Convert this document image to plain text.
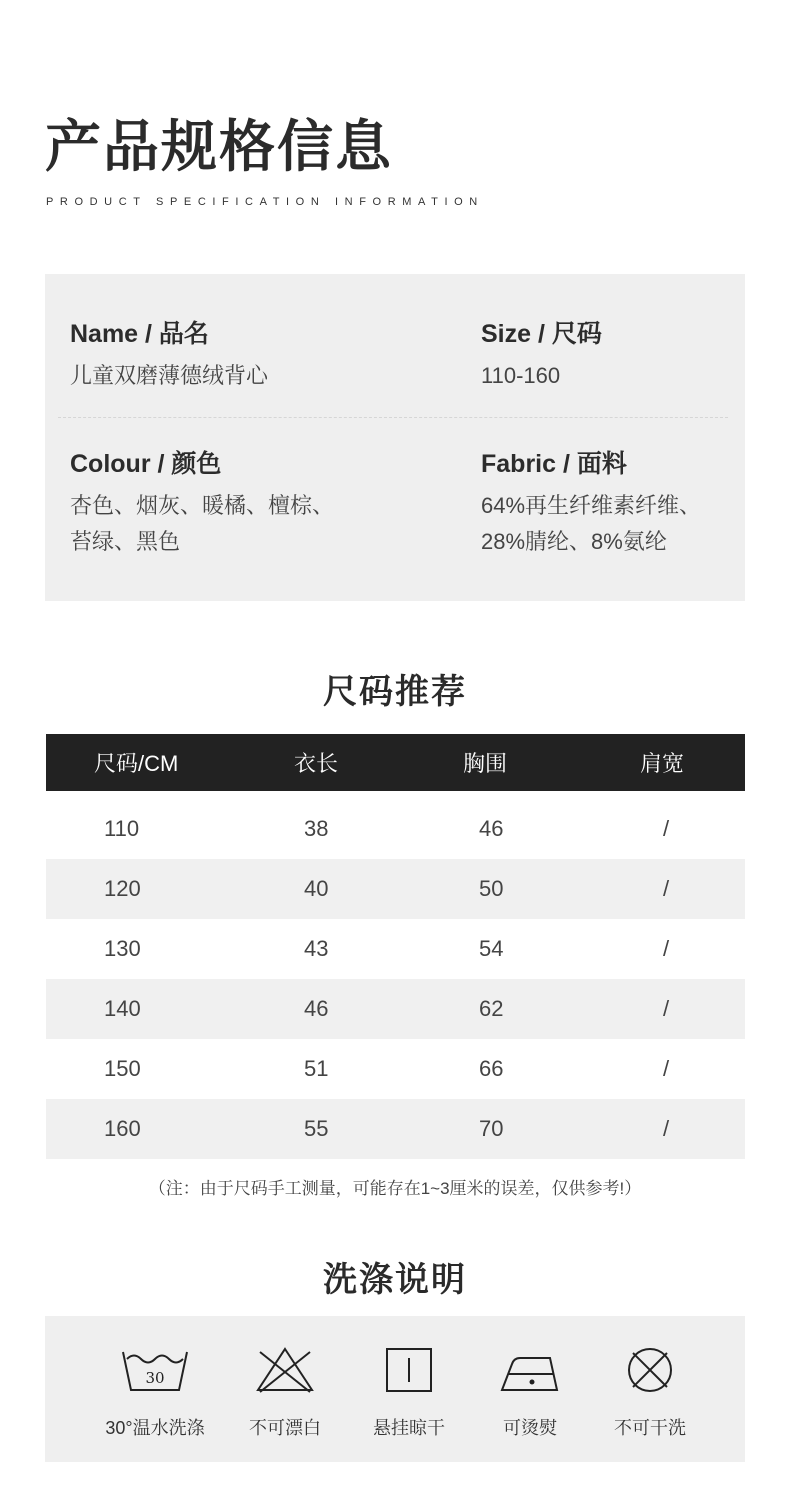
产品规格信息
PRODUCT SPECIFICATION INFORMATION
Name / 品名
儿童双磨薄德绒背心
Size / 尺码
110-160
Colour / 颜色
杏色、烟灰、暖橘、檀棕、
苔绿、黑色
Fabric / 面料
64%再生纤维素纤维、
28%腈纶、8%氨纶
尺码推荐
尺码/CM	衣长	胸围	肩宽
110	38	46	/
120	40	50	/
130	43	54	/
140	46	62	/
150	51	66	/
160	55	70	/
（注：由于尺码手工测量，可能存在1~3厘米的误差，仅供参考!）
洗涤说明
30
30°温水洗涤	不可漂白	悬挂晾干	可烫熨	不可干洗
